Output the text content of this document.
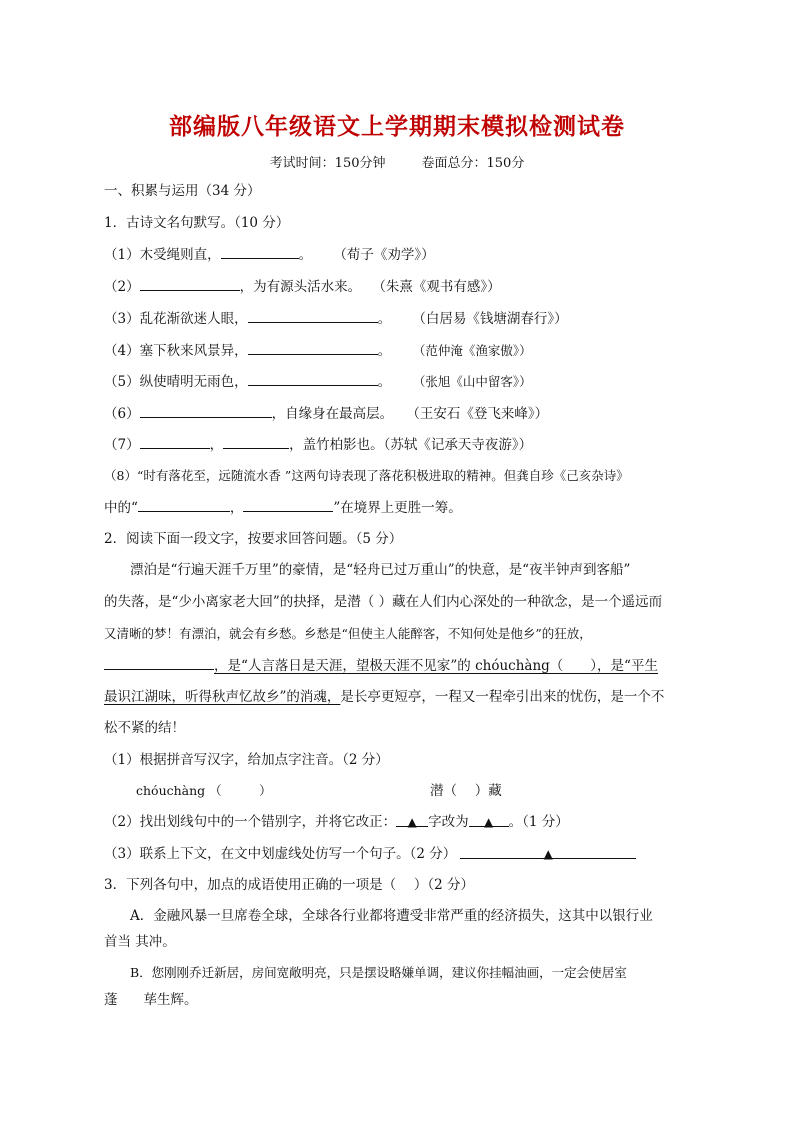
部编版八年级语文上学期期末模拟检测试卷
考试时间：150分钟	卷面总分：150分
一、积累与运用（34 分）
1．古诗文名句默写。（10 分）
（1）木受绳则直，	。 （荀子《劝学》）
（2）	，为有源头活水来。 （朱熹《观书有感》）
（3）乱花渐欲迷人眼，	。 （白居易《钱塘湖春行》）
（4）塞下秋来风景异，	。 （范仲淹《渔家傲》）
（5）纵使晴明无雨色，	。 （张旭《山中留客》）
（6）	，自缘身在最高层。 （王安石《登飞来峰》）
（7）	，	，盖竹柏影也。（苏轼《记承天寺夜游》）
（8）“时有落花至，远随流水香 ”这两句诗表现了落花积极进取的精神。但龚自珍《己亥杂诗》
中的“	，	”在境界上更胜一筹。
2．阅读下面一段文字，按要求回答问题。（5 分）
漂泊是“行遍天涯千万里”的豪情，是“轻舟已过万重山”的快意，是“夜半钟声到客船”
的失落，是“少小离家老大回”的抉择，是潜（ ）藏在人们内心深处的一种欲念，是一个遥远而
又清晰的梦！有漂泊，就会有乡愁。乡愁是“但使主人能醉客，不知何处是他乡”的狂放，
，是“人言落日是天涯，望极天涯不见家”的 chóuchàng（　　），是“平生
最识江湖味，听得秋声忆故乡”的消魂，是长亭更短亭，一程又一程牵引出来的忧伤，是一个不
松不紧的结！
（1）根据拼音写汉字，给加点字注音。（2 分）
chóuchàng （　　　）	潜（　 ）藏
（2）找出划线句中的一个错别字，并将它改正： ▲ 字改为 ▲ 。（1 分）
（3）联系上下文，在文中划虚线处仿写一个句子。（2 分）	▲
3．下列各句中，加点的成语使用正确的一项是（　 ）（2 分）
A．金融风暴一旦席卷全球，全球各行业都将遭受非常严重的经济损失，这其中以银行业
首当 其冲。
B．您刚刚乔迁新居，房间宽敞明亮，只是摆设略嫌单调，建议你挂幅油画，一定会使居室
蓬 荜生辉。
